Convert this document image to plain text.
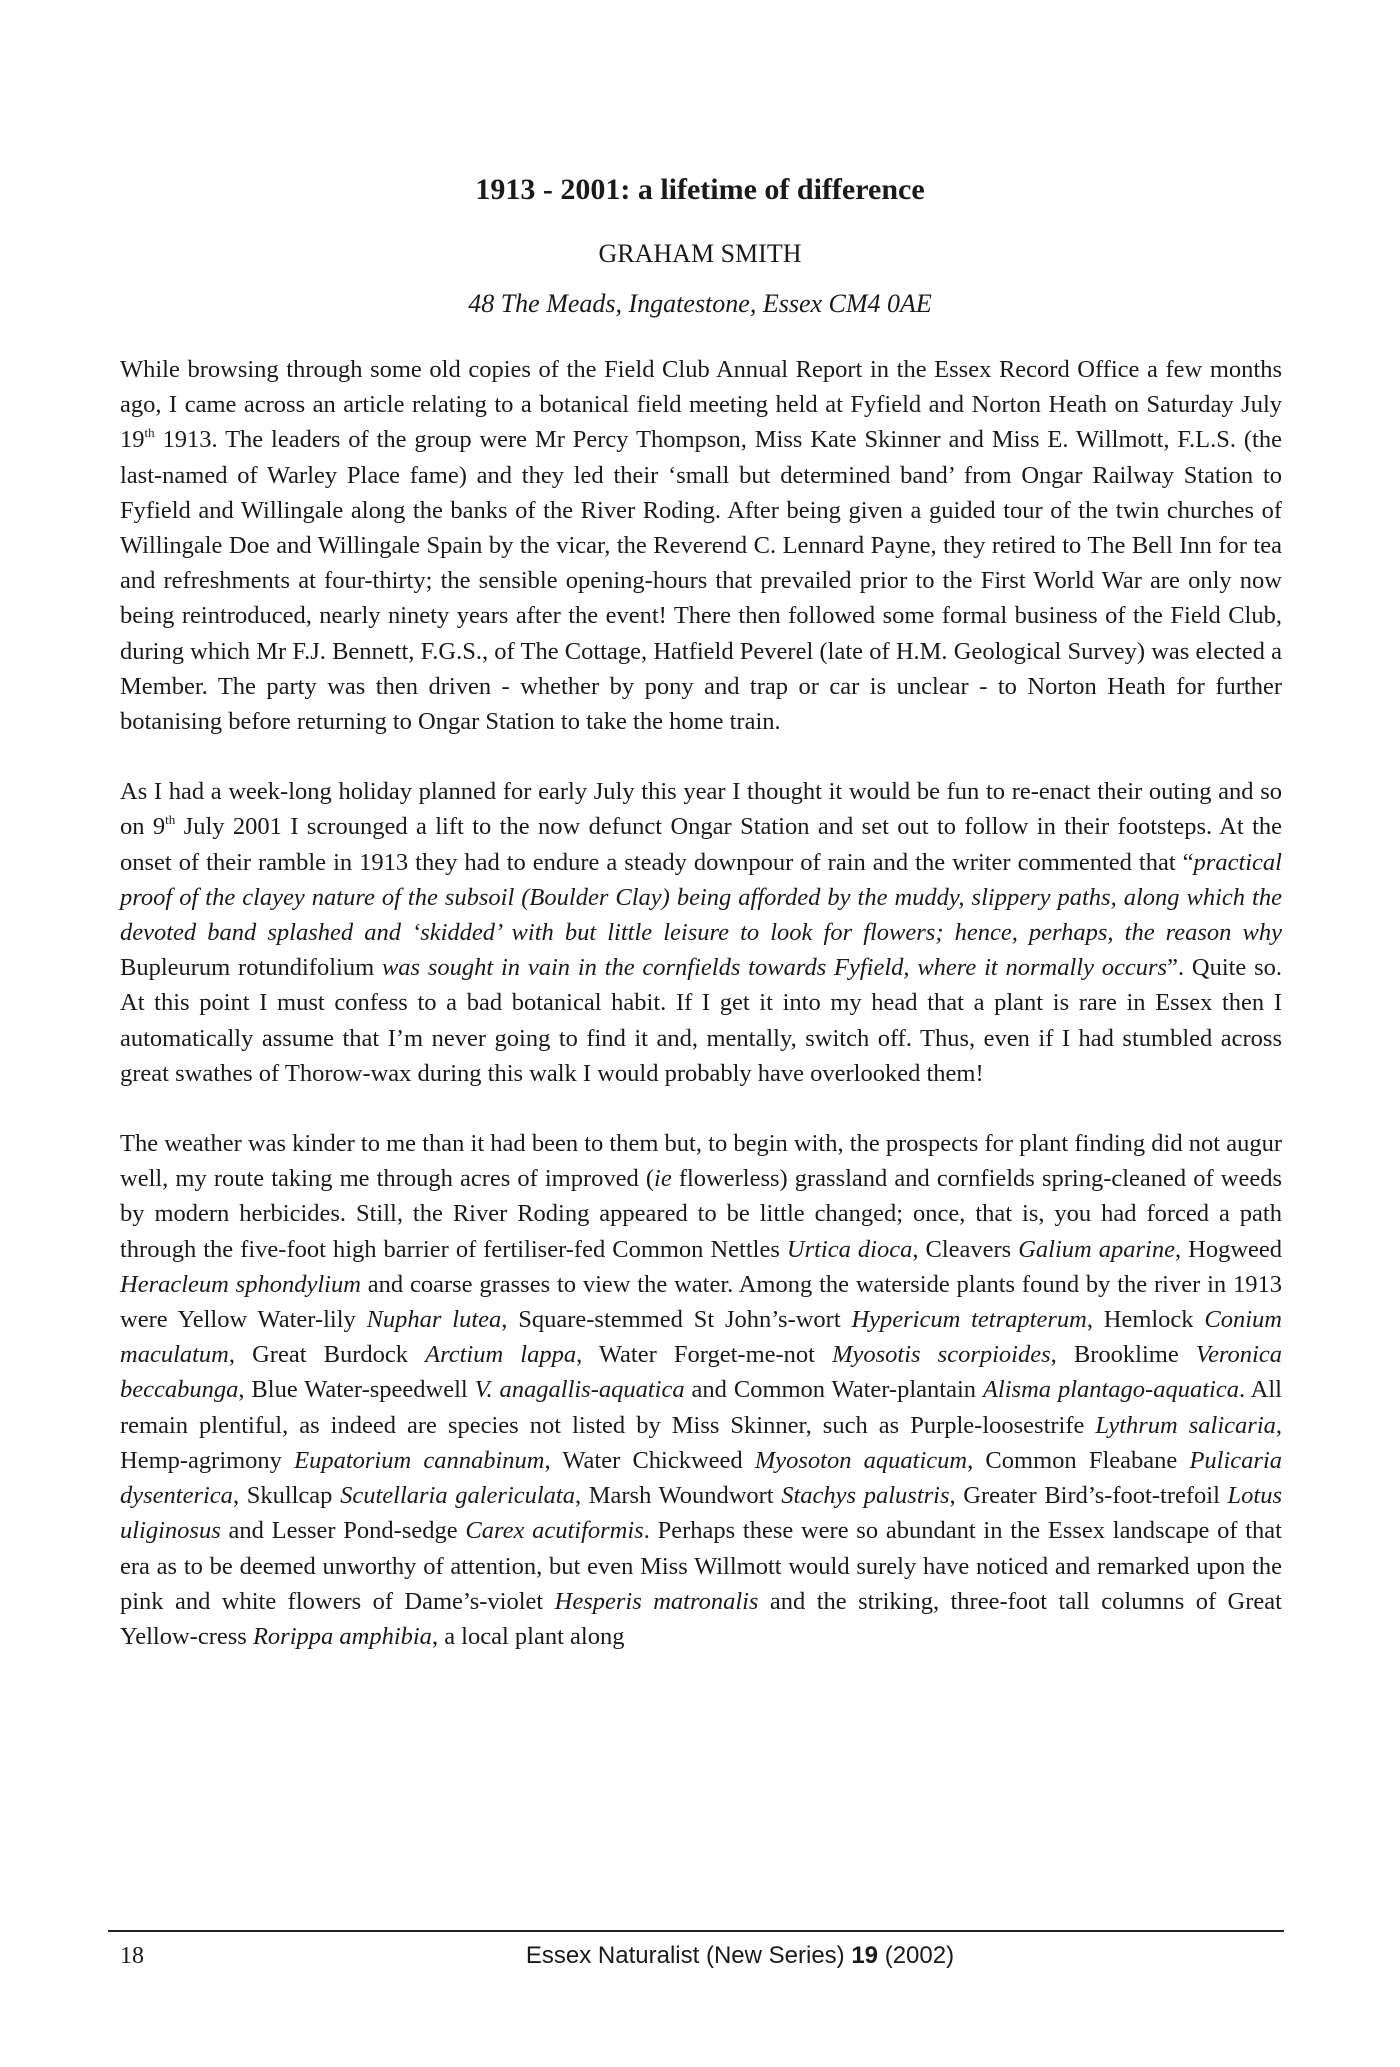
1913 - 2001: a lifetime of difference
GRAHAM SMITH
48 The Meads, Ingatestone, Essex CM4 0AE

While browsing through some old copies of the Field Club Annual Report in the Essex Record Office a few months ago, I came across an article relating to a botanical field meeting held at Fyfield and Norton Heath on Saturday July 19th 1913. The leaders of the group were Mr Percy Thompson, Miss Kate Skinner and Miss E. Willmott, F.L.S. (the last-named of Warley Place fame) and they led their ‘small but determined band’ from Ongar Railway Station to Fyfield and Willingale along the banks of the River Roding. After being given a guided tour of the twin churches of Willingale Doe and Willingale Spain by the vicar, the Reverend C. Lennard Payne, they retired to The Bell Inn for tea and refreshments at four-thirty; the sensible opening-hours that prevailed prior to the First World War are only now being reintroduced, nearly ninety years after the event! There then followed some formal business of the Field Club, during which Mr F.J. Bennett, F.G.S., of The Cottage, Hatfield Peverel (late of H.M. Geological Survey) was elected a Member. The party was then driven - whether by pony and trap or car is unclear - to Norton Heath for further botanising before returning to Ongar Station to take the home train.

As I had a week-long holiday planned for early July this year I thought it would be fun to re-enact their outing and so on 9th July 2001 I scrounged a lift to the now defunct Ongar Station and set out to follow in their footsteps. At the onset of their ramble in 1913 they had to endure a steady downpour of rain and the writer commented that “practical proof of the clayey nature of the subsoil (Boulder Clay) being afforded by the muddy, slippery paths, along which the devoted band splashed and ‘skidded’ with but little leisure to look for flowers; hence, perhaps, the reason why Bupleurum rotundifolium was sought in vain in the cornfields towards Fyfield, where it normally occurs”. Quite so. At this point I must confess to a bad botanical habit. If I get it into my head that a plant is rare in Essex then I automatically assume that I’m never going to find it and, mentally, switch off. Thus, even if I had stumbled across great swathes of Thorow-wax during this walk I would probably have overlooked them!

The weather was kinder to me than it had been to them but, to begin with, the prospects for plant finding did not augur well, my route taking me through acres of improved (ie flowerless) grassland and cornfields spring-cleaned of weeds by modern herbicides. Still, the River Roding appeared to be little changed; once, that is, you had forced a path through the five-foot high barrier of fertiliser-fed Common Nettles Urtica dioca, Cleavers Galium aparine, Hogweed Heracleum sphondylium and coarse grasses to view the water. Among the waterside plants found by the river in 1913 were Yellow Water-lily Nuphar lutea, Square-stemmed St John’s-wort Hypericum tetrapterum, Hemlock Conium maculatum, Great Burdock Arctium lappa, Water Forget-me-not Myosotis scorpioides, Brooklime Veronica beccabunga, Blue Water-speedwell V. anagallis-aquatica and Common Water-plantain Alisma plantago-aquatica. All remain plentiful, as indeed are species not listed by Miss Skinner, such as Purple-loosestrife Lythrum salicaria, Hemp-agrimony Eupatorium cannabinum, Water Chickweed Myosoton aquaticum, Common Fleabane Pulicaria dysenterica, Skullcap Scutellaria galericulata, Marsh Woundwort Stachys palustris, Greater Bird’s-foot-trefoil Lotus uliginosus and Lesser Pond-sedge Carex acutiformis. Perhaps these were so abundant in the Essex landscape of that era as to be deemed unworthy of attention, but even Miss Willmott would surely have noticed and remarked upon the pink and white flowers of Dame’s-violet Hesperis matronalis and the striking, three-foot tall columns of Great Yellow-cress Rorippa amphibia, a local plant along

18	Essex Naturalist (New Series) 19 (2002)
